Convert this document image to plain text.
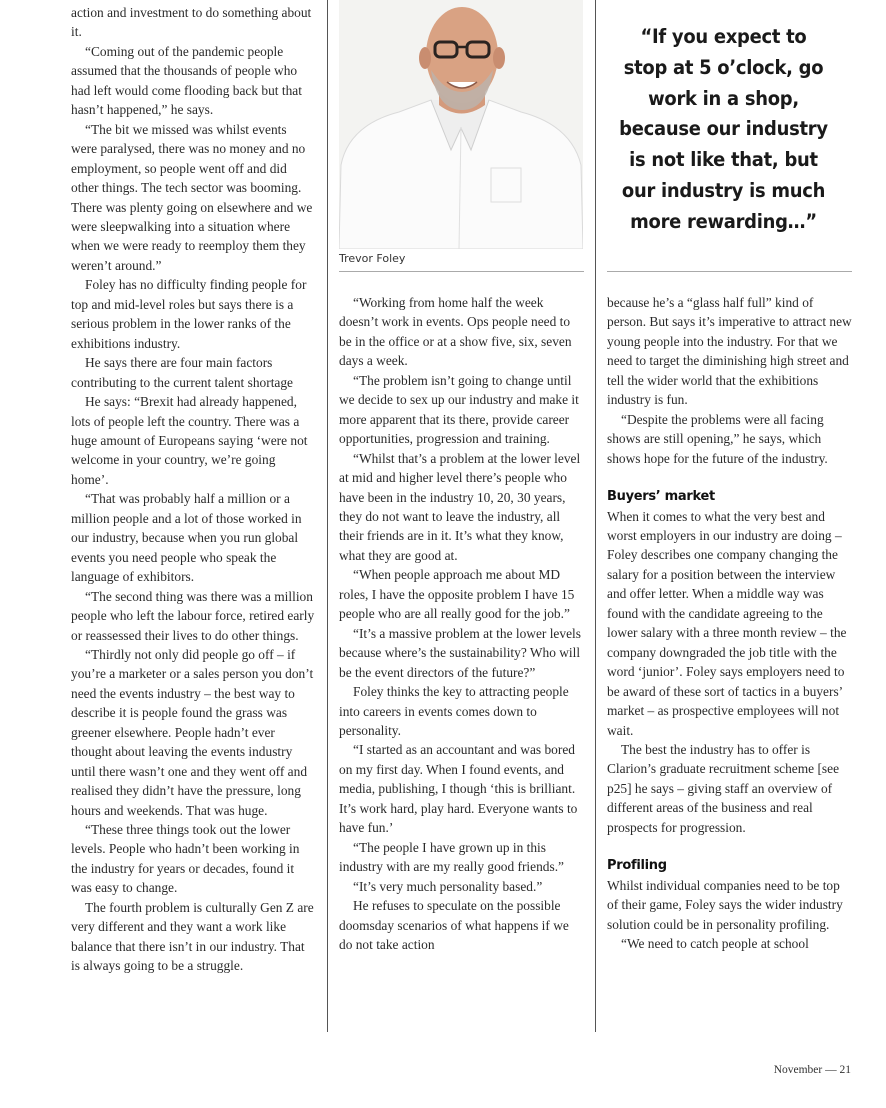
action and investment to do something about it.

“Coming out of the pandemic people assumed that the thousands of people who had left would come flooding back but that hasn’t happened,” he says.

“The bit we missed was whilst events were paralysed, there was no money and no employment, so people went off and did other things. The tech sector was booming. There was plenty going on elsewhere and we were sleepwalking into a situation where when we were ready to reemploy them they weren’t around.”

Foley has no difficulty finding people for top and mid-level roles but says there is a serious problem in the lower ranks of the exhibitions industry.

He says there are four main factors contributing to the current talent shortage

He says: “Brexit had already happened, lots of people left the country. There was a huge amount of Europeans saying ‘were not welcome in your country, we’re going home’.

“That was probably half a million or a million people and a lot of those worked in our industry, because when you run global events you need people who speak the language of exhibitors.

“The second thing was there was a million people who left the labour force, retired early or reassessed their lives to do other things.

“Thirdly not only did people go off – if you’re a marketer or a sales person you don’t need the events industry – the best way to describe it is people found the grass was greener elsewhere. People hadn’t ever thought about leaving the events industry until there wasn’t one and they went off and realised they didn’t have the pressure, long hours and weekends. That was huge.

“These three things took out the lower levels. People who hadn’t been working in the industry for years or decades, found it was easy to change.

The fourth problem is culturally Gen Z are very different and they want a work like balance that there isn’t in our industry. That is always going to be a struggle.

Trevor Foley

“Working from home half the week doesn’t work in events. Ops people need to be in the office or at a show five, six, seven days a week.

“The problem isn’t going to change until we decide to sex up our industry and make it more apparent that its there, provide career opportunities, progression and training.

“Whilst that’s a problem at the lower level at mid and higher level there’s people who have been in the industry 10, 20, 30 years, they do not want to leave the industry, all their friends are in it. It’s what they know, what they are good at.

“When people approach me about MD roles, I have the opposite problem I have 15 people who are all really good for the job.”

“It’s a massive problem at the lower levels because where’s the sustainability? Who will be the event directors of the future?”

Foley thinks the key to attracting people into careers in events comes down to personality.

“I started as an accountant and was bored on my first day. When I found events, and media, publishing, I though ‘this is brilliant. It’s work hard, play hard. Everyone wants to have fun.’

“The people I have grown up in this industry with are my really good friends.”

“It’s very much personality based.”

He refuses to speculate on the possible doomsday scenarios of what happens if we do not take action

“If you expect to stop at 5 o’clock, go work in a shop, because our industry is not like that, but our industry is much more rewarding…”

because he’s a “glass half full” kind of person. But says it’s imperative to attract new young people into the industry. For that we need to target the diminishing high street and tell the wider world that the exhibitions industry is fun.

“Despite the problems were all facing shows are still opening,” he says, which shows hope for the future of the industry.

Buyers’ market

When it comes to what the very best and worst employers in our industry are doing – Foley describes one company changing the salary for a position between the interview and offer letter. When a middle way was found with the candidate agreeing to the lower salary with a three month review – the company downgraded the job title with the word ‘junior’. Foley says employers need to be award of these sort of tactics in a buyers’ market – as prospective employees will not wait.

The best the industry has to offer is Clarion’s graduate recruitment scheme [see p25] he says – giving staff an overview of different areas of the business and real prospects for progression.

Profiling

Whilst individual companies need to be top of their game, Foley says the wider industry solution could be in personality profiling.

“We need to catch people at school

November — 21
